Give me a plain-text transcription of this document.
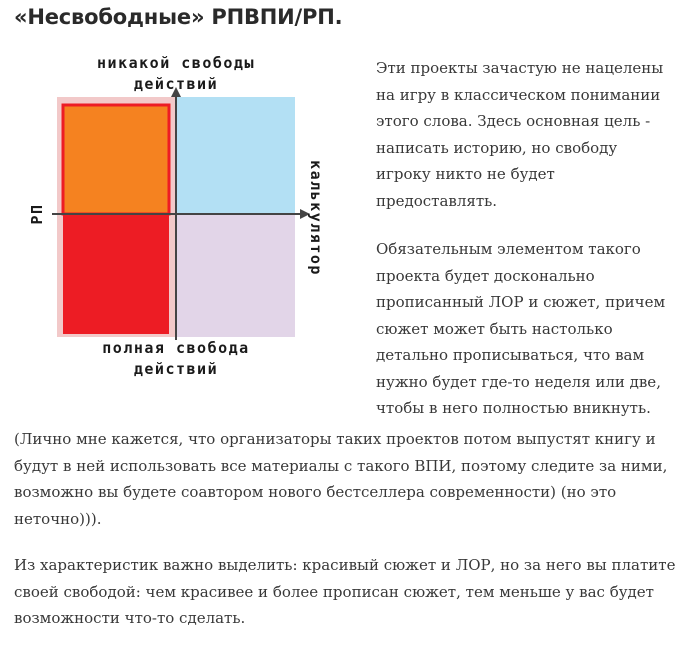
«Несвободные» РПВПИ/РП.
никакой свободы
действий
полная свобода
действий
РП	калькулятор

Эти проекты зачастую не нацелены на игру в классическом понимании этого слова. Здесь основная цель - написать историю, но свободу игроку никто не будет предоставлять.

Обязательным элементом такого проекта будет досконально прописанный ЛОР и сюжет, причем сюжет может быть настолько детально прописываться, что вам нужно будет где-то неделя или две, чтобы в него полностью вникнуть.

(Лично мне кажется, что организаторы таких проектов потом выпустят книгу и будут в ней использовать все материалы с такого ВПИ, поэтому следите за ними, возможно вы будете соавтором нового бестселлера современности) (но это неточно))).

Из характеристик важно выделить: красивый сюжет и ЛОР, но за него вы платите своей свободой: чем красивее и более прописан сюжет, тем меньше у вас будет возможности что-то сделать.
